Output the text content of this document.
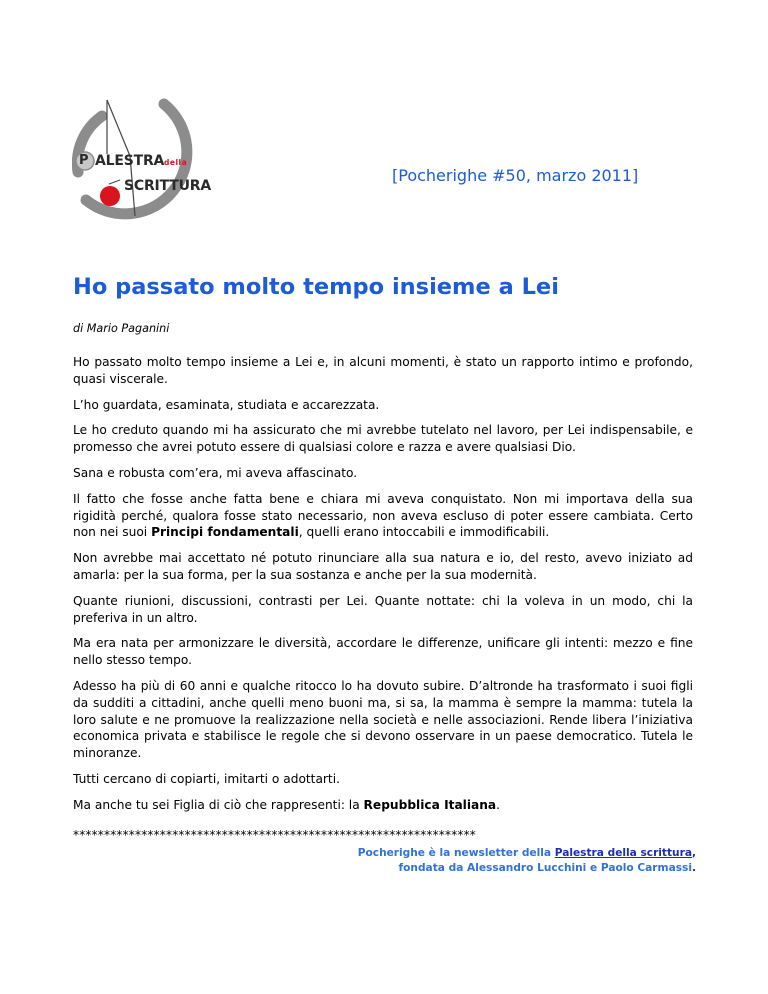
P ALESTRA della
SCRITTURA
[Pocherighe #50, marzo 2011]
Ho passato molto tempo insieme a Lei
di Mario Paganini

Ho passato molto tempo insieme a Lei e, in alcuni momenti, è stato un rapporto intimo e profondo, quasi viscerale.

L’ho guardata, esaminata, studiata e accarezzata.

Le ho creduto quando mi ha assicurato che mi avrebbe tutelato nel lavoro, per Lei indispensabile, e promesso che avrei potuto essere di qualsiasi colore e razza e avere qualsiasi Dio.

Sana e robusta com’era, mi aveva affascinato.

Il fatto che fosse anche fatta bene e chiara mi aveva conquistato. Non mi importava della sua rigidità perché, qualora fosse stato necessario, non aveva escluso di poter essere cambiata. Certo non nei suoi Principi fondamentali, quelli erano intoccabili e immodificabili.

Non avrebbe mai accettato né potuto rinunciare alla sua natura e io, del resto, avevo iniziato ad amarla: per la sua forma, per la sua sostanza e anche per la sua modernità.

Quante riunioni, discussioni, contrasti per Lei. Quante nottate: chi la voleva in un modo, chi la preferiva in un altro.

Ma era nata per armonizzare le diversità, accordare le differenze, unificare gli intenti: mezzo e fine nello stesso tempo.

Adesso ha più di 60 anni e qualche ritocco lo ha dovuto subire. D’altronde ha trasformato i suoi figli da sudditi a cittadini, anche quelli meno buoni ma, si sa, la mamma è sempre la mamma: tutela la loro salute e ne promuove la realizzazione nella società e nelle associazioni. Rende libera l’iniziativa economica privata e stabilisce le regole che si devono osservare in un paese democratico. Tutela le minoranze.

Tutti cercano di copiarti, imitarti o adottarti.

Ma anche tu sei Figlia di ciò che rappresenti: la Repubblica Italiana.

*****************************************************************
Pocherighe è la newsletter della Palestra della scrittura,
fondata da Alessandro Lucchini e Paolo Carmassi.
